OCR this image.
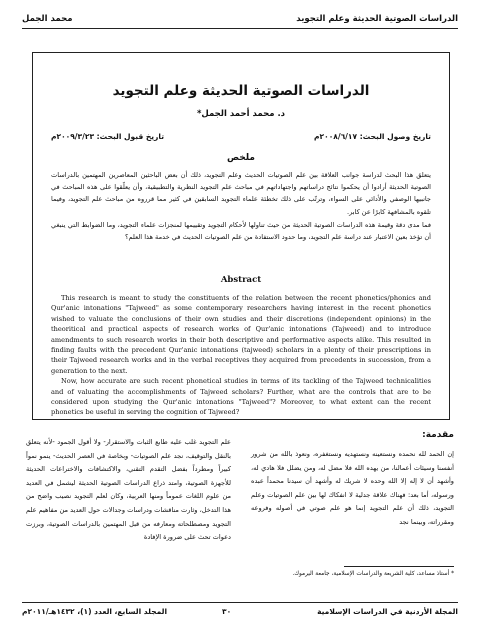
الدراسات الصوتية الحديثة وعلم التجويد
محمد الجمل
الدراسات الصوتية الحديثة وعلم التجويد
د. محمد أحمد الجمل*
تاريخ وصول البحث: ٢٠٠٨/٦/١٧م
تاريخ قبول البحث: ٢٠٠٩/٣/٢٣م
ملخص

يتعلق هذا البحث لدراسة جوانب العلاقة بين علم الصوتيات الحديث وعلم التجويد، ذلك أن بعض الباحثين المعاصرين المهتمين بالدراسات الصوتية الحديثة أرادوا أن يحكموا نتائج دراساتهم واجتهاداتهم في مباحث علم التجويد النظرية والتطبيقية، وأن يعلّقوا على هذه المباحث في جانبيها الوصفي والأدائي على السواء، وترتّب على ذلك تخطئة علماء التجويد السابقين في كثير مما قرروه من مباحث علم التجويد، وفيما تلقوه بالمشافهة كابرًا عن كابر.

فما مدى دقة وقيمة هذه الدراسات الصوتية الحديثة من حيث تناولها لأحكام التجويد وتقييمها لمنجزات علماء التجويد، وما الضوابط التي ينبغي أن تؤخذ بعين الاعتبار عند دراسة علم التجويد، وما حدود الاستفادة من علم الصوتيات الحديث في خدمة هذا العلم؟

Abstract

This research is meant to study the constituents of the relation between the recent phonetics/phonics and Qur'anic intonations "Tajweed" as some contemporary researchers having interest in the recent phonetics wished to valuate the conclusions of their own studies and their discretions (independent opinions) in the theoritical and practical aspects of research works of Qur'anic intonations (Tajweed) and to introduce amendments to such research works in their both descriptive and performative aspects alike. This resulted in finding faults with the precedent Qur'anic intonations (tajweed) scholars in a plenty of their prescriptions in their Tajweed research works and in the verbal receptives they acquired from precedents in succession, from a generation to the next.

Now, how accurate are such recent phonetical studies in terms of its tackling of the Tajweed technicalities and of valuating the accomplishments of Tajweed scholars? Further, what are the controls that are to be considered upon studying the Qur'anic intonations "Tajweed"? Moreover, to what extent can the recent phonetics be useful in serving the cognition of Tajweed?

مقدمة:

إن الحمد لله نحمده ونستعينه ونستهديه ونستغفره، ونعوذ بالله من شرور أنفسنا وسيئات أعمالنا، من يهده الله فلا مضل له، ومن يضلل فلا هادي له، وأشهد أن لا إله إلا الله وحده لا شريك له وأشهد أن سيدنا محمداً عبده ورسوله، أما بعد: فهناك علاقة جدلية لا انفكاك لها بين علم الصوتيات وعلم التجويد، ذلك أن علم التجويد إنما هو علم صوتي في أصوله وفروعه ومقرراته، وبينما نجد

علم التجويد غلب عليه طابع الثبات والاستقرار- ولا أقول الجمود -لأنه يتعلق بالنقل والتوقيف، نجد علم الصوتيات- وبخاصة في العصر الحديث- ينمو نمواً كبيراً ومطرداً بفضل التقدم التقني، والاكتشافات والاختراعات الحديثة للأجهزة الصوتية، وامتد ذراع الدراسات الصوتية الحديثة ليشمل في العديد من علوم اللغات عموماً ومنها العربية، وكان لعلم التجويد نصيب واضح من هذا التدخل، وثارت مناقشات ودراسات وجدالات حول العديد من مفاهيم علم التجويد ومصطلحاته ومعارفه من قبل المهتمين بالدراسات الصوتية، وبرزت دعوات تحث على ضرورة الإفادة

* أستاذ مساعد، كلية الشريعة والدراسات الإسلامية، جامعة اليرموك.
المجلة الأردنية في الدراسات الإسلامية
٣٠
المجلد السابع، العدد (١)، ١٤٣٢هـ/٢٠١١م
